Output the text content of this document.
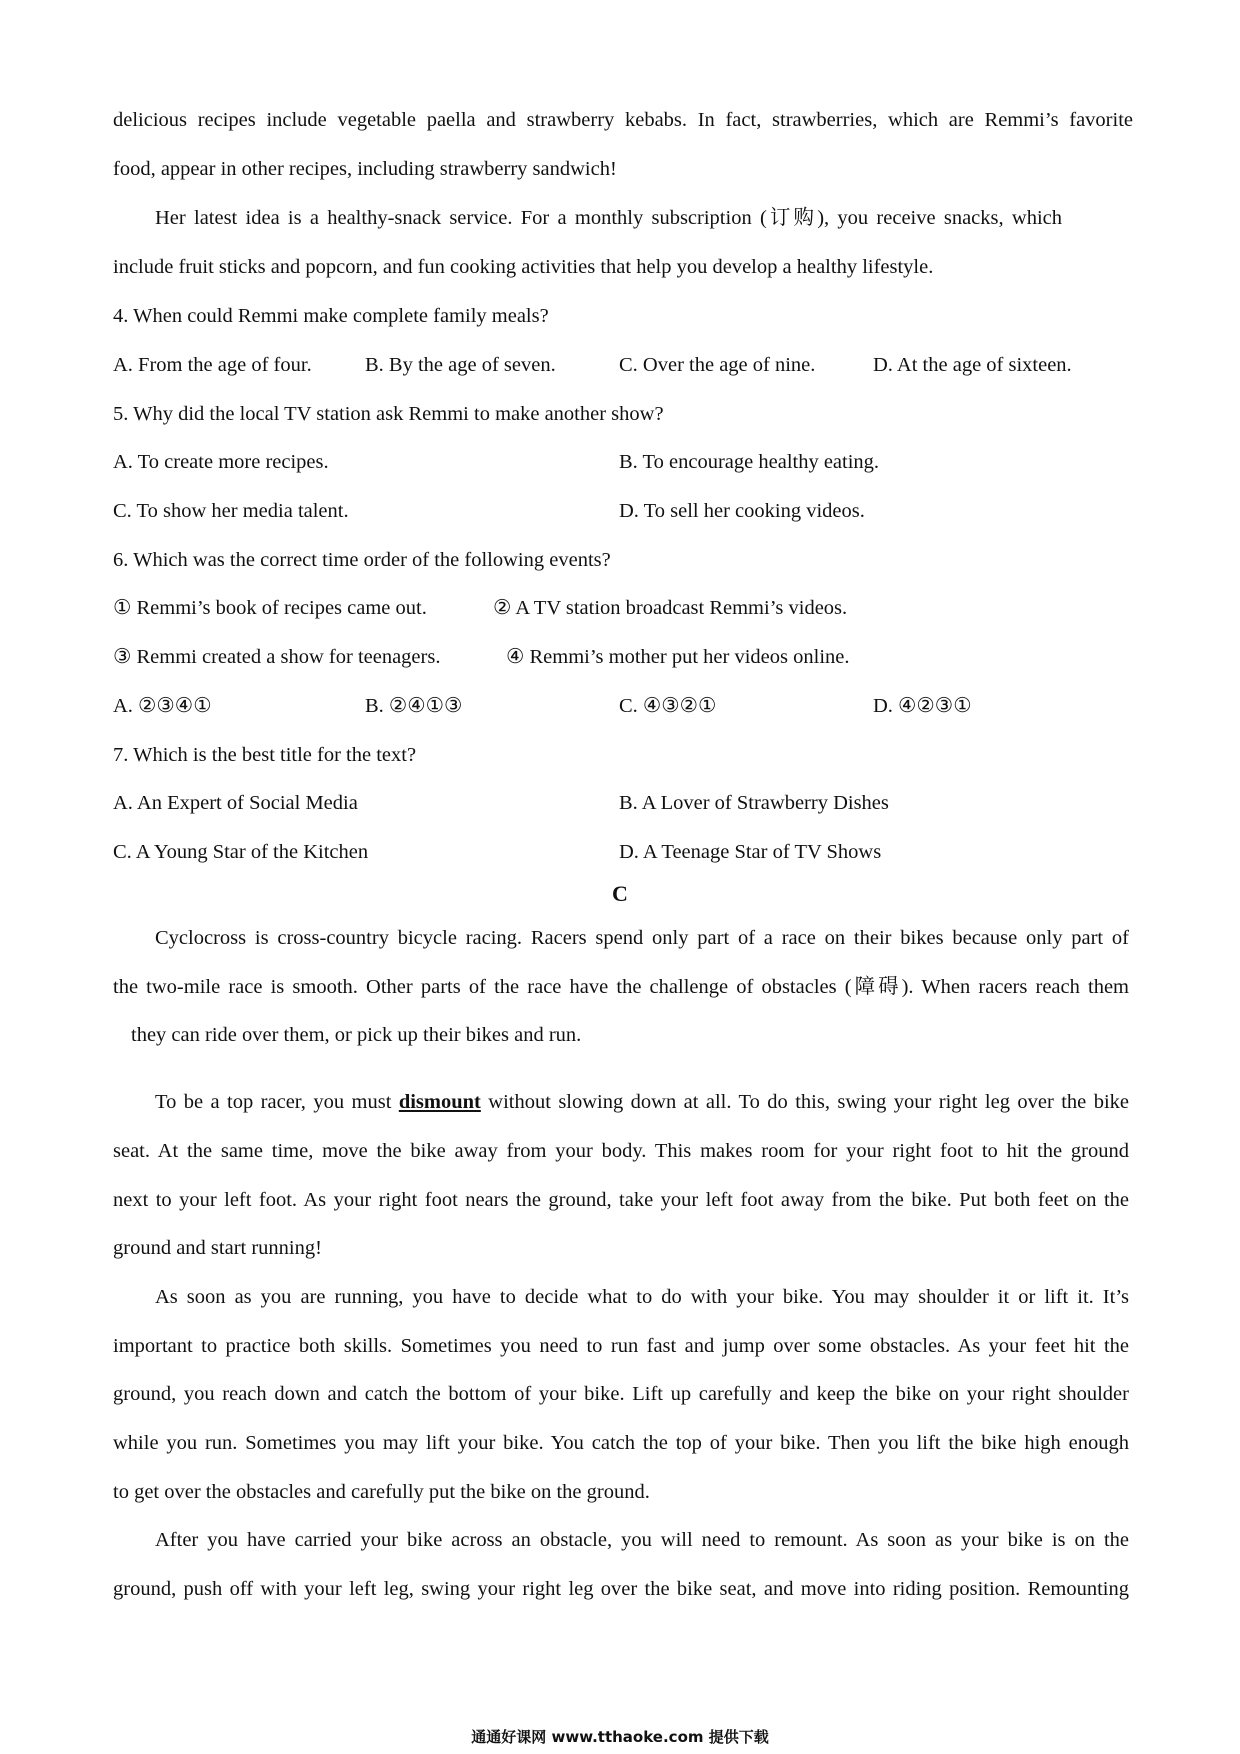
delicious recipes include vegetable paella and strawberry kebabs. In fact, strawberries, which are Remmi’s favorite
food, appear in other recipes, including strawberry sandwich!
Her latest idea is a healthy-snack service. For a monthly subscription (订购), you receive snacks, which
include fruit sticks and popcorn, and fun cooking activities that help you develop a healthy lifestyle.
4. When could Remmi make complete family meals?
A. From the age of four.	B. By the age of seven.	C. Over the age of nine.	D. At the age of sixteen.
5. Why did the local TV station ask Remmi to make another show?
A. To create more recipes.	B. To encourage healthy eating.
C. To show her media talent.	D. To sell her cooking videos.
6. Which was the correct time order of the following events?
① Remmi’s book of recipes came out.	② A TV station broadcast Remmi’s videos.
③ Remmi created a show for teenagers.	④ Remmi’s mother put her videos online.
A. ②③④①	B. ②④①③	C. ④③②①	D. ④②③①
7. Which is the best title for the text?
A. An Expert of Social Media	B. A Lover of Strawberry Dishes
C. A Young Star of the Kitchen	D. A Teenage Star of TV Shows
C
Cyclocross is cross-country bicycle racing. Racers spend only part of a race on their bikes because only part of
the two-mile race is smooth. Other parts of the race have the challenge of obstacles (障碍). When racers reach them
they can ride over them, or pick up their bikes and run.
To be a top racer, you must dismount without slowing down at all. To do this, swing your right leg over the bike
seat. At the same time, move the bike away from your body. This makes room for your right foot to hit the ground
next to your left foot. As your right foot nears the ground, take your left foot away from the bike. Put both feet on the
ground and start running!
As soon as you are running, you have to decide what to do with your bike. You may shoulder it or lift it. It’s
important to practice both skills. Sometimes you need to run fast and jump over some obstacles. As your feet hit the
ground, you reach down and catch the bottom of your bike. Lift up carefully and keep the bike on your right shoulder
while you run. Sometimes you may lift your bike. You catch the top of your bike. Then you lift the bike high enough
to get over the obstacles and carefully put the bike on the ground.
After you have carried your bike across an obstacle, you will need to remount. As soon as your bike is on the
ground, push off with your left leg, swing your right leg over the bike seat, and move into riding position. Remounting
通通好课网 www.tthaoke.com 提供下载
